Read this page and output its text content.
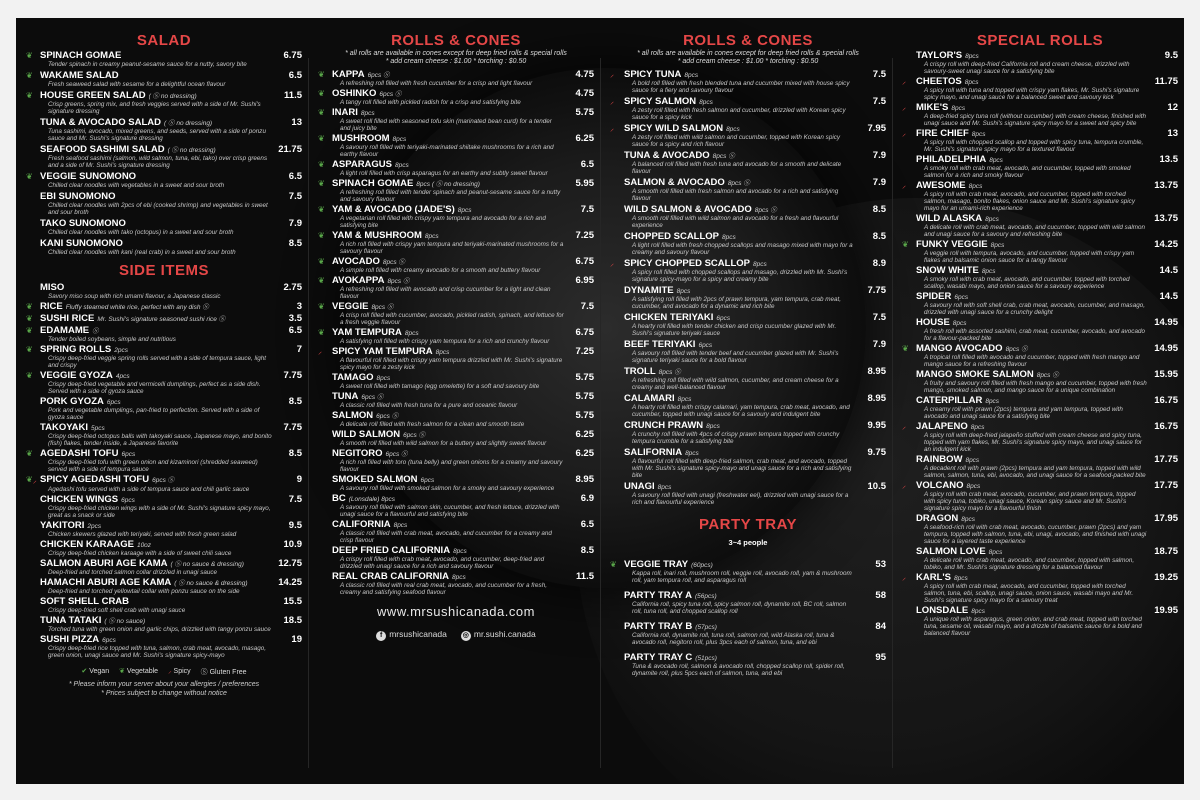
SALAD
❦ SPINACH GOMAE	6.75
Tender spinach in creamy peanut-sesame sauce for a nutty, savory bite
❦ WAKAME SALAD	6.5
Fresh seaweed salad with sesame for a delightful ocean flavour
❦ HOUSE GREEN SALAD ( Ⓢ no dressing)	11.5
Crisp greens, spring mix, and fresh veggies served with a side of Mr. Sushi's signature dressing
TUNA & AVOCADO SALAD ( Ⓢ no dressing)	13
Tuna sashimi, avocado, mixed greens, and seeds, served with a side of ponzu sauce and Mr. Sushi's signature dressing
SEAFOOD SASHIMI SALAD ( Ⓢ no dressing)	21.75
Fresh seafood sashimi (salmon, wild salmon, tuna, ebi, tako) over crisp greens and a side of Mr. Sushi's signature dressing
❦ VEGGIE SUNOMONO	6.5
Chilled clear noodles with vegetables in a sweet and sour broth
EBI SUNOMONO	7.5
Chilled clear noodles with 2pcs of ebi (cooked shrimp) and vegetables in sweet and sour broth
TAKO SUNOMONO	7.9
Chilled clear noodles with tako (octopus) in a sweet and sour broth
KANI SUNOMONO	8.5
Chilled clear noodles with kani (real crab) in a sweet and sour broth
SIDE ITEMS
MISO	2.75
Savory miso soup with rich umami flavour, a Japanese classic
❦ RICE Fluffy steamed white rice, perfect with any dish Ⓢ	3
❦ SUSHI RICE Mr. Sushi's signature seasoned sushi rice Ⓢ	3.5
❦ EDAMAME Ⓢ	6.5
Tender boiled soybeans, simple and nutritious
❦ SPRING ROLLS 2pcs	7
Crispy deep-fried veggie spring rolls served with a side of tempura sauce, light and crispy
❦ VEGGIE GYOZA 4pcs	7.75
Crispy deep-fried vegetable and vermicelli dumplings, perfect as a side dish. Served with a side of gyoza sauce
PORK GYOZA 6pcs	8.5
Pork and vegetable dumplings, pan-fried to perfection. Served with a side of gyoza sauce
TAKOYAKI 5pcs	7.75
Crispy deep-fried octopus balls with takoyaki sauce, Japanese mayo, and bonito (fish) flakes, tender inside, a Japanese favorite
❦ AGEDASHI TOFU 6pcs	8.5
Crispy deep-fried tofu with green onion and kizaminori (shredded seaweed) served with a side of tempura sauce
❦ ⸝ SPICY AGEDASHI TOFU 6pcs Ⓢ	9
Agedashi tofu served with a side of tempura sauce and chili garlic sauce
CHICKEN WINGS 6pcs	7.5
Crispy deep-fried chicken wings with a side of Mr. Sushi's signature spicy mayo, great as a snack or side
YAKITORI 2pcs	9.5
Chicken skewers glazed with teriyaki, served with fresh green salad
CHICKEN KARAAGE 10oz	10.9
Crispy deep-fried chicken karaage with a side of sweet chili sauce
SALMON ABURI AGE KAMA ( Ⓢ no sauce & dressing)	12.75
Deep-fried and torched salmon collar drizzled in unagi sauce
HAMACHI ABURI AGE KAMA ( Ⓢ no sauce & dressing)	14.25
Deep-fried and torched yellowtail collar with ponzu sauce on the side
SOFT SHELL CRAB	15.5
Crispy deep-fried soft shell crab with unagi sauce
TUNA TATAKI ( Ⓢ no sauce)	18.5
Torched tuna with green onion and garlic chips, drizzled with tangy ponzu sauce
SUSHI PIZZA 6pcs	19
Crispy deep-fried rice topped with tuna, salmon, crab meat, avocado, masago, green onion, unagi sauce and Mr. Sushi's signature spicy-mayo
✔ Vegan ❦ Vegetable ⸝ Spicy Ⓢ Gluten Free
* Please inform your server about your allergies / preferences
* Prices subject to change without notice
ROLLS & CONES
* all rolls are available in cones except for deep fried rolls & special rolls
* add cream cheese : $1.00 * torching : $0.50
❦ KAPPA 6pcs Ⓢ	4.75
A refreshing roll filled with fresh cucumber for a crisp and light flavour
❦ OSHINKO 6pcs Ⓢ	4.75
A tangy roll filled with pickled radish for a crisp and satisfying bite
❦ INARI 8pcs	5.75
A sweet roll filled with seasoned tofu skin (marinated bean curd) for a tender and juicy bite
❦ MUSHROOM 8pcs	6.25
A savoury roll filled with teriyaki-marinated shiitake mushrooms for a rich and earthy flavour
❦ ASPARAGUS 8pcs	6.5
A light roll filled with crisp asparagus for an earthy and subtly sweet flavour
❦ SPINACH GOMAE 8pcs ( Ⓢ no dressing)	5.95
A refreshing roll filled with tender spinach and peanut-sesame sauce for a nutty and savoury flavour
❦ YAM & AVOCADO (JADE'S) 8pcs	7.5
A vegetarian roll filled with crispy yam tempura and avocado for a rich and satisfying bite
❦ YAM & MUSHROOM 8pcs	7.25
A rich roll filled with crispy yam tempura and teriyaki-marinated mushrooms for a savoury flavour
❦ AVOCADO 8pcs Ⓢ	6.75
A simple roll filled with creamy avocado for a smooth and buttery flavour
❦ AVOKAPPA 8pcs Ⓢ	6.95
A refreshing roll filled with avocado and crisp cucumber for a light and clean flavour
❦ VEGGIE 8pcs Ⓢ	7.5
A crisp roll filled with cucumber, avocado, pickled radish, spinach, and lettuce for a fresh veggie flavour
❦ YAM TEMPURA 8pcs	6.75
A satisfying roll filled with crispy yam tempura for a rich and crunchy flavour
⸝	SPICY YAM TEMPURA 8pcs	7.25
A flavourful roll filled with crispy yam tempura drizzled with Mr. Sushi's signature spicy mayo for a zesty kick
TAMAGO 8pcs	5.75
A sweet roll filled with tamago (egg omelette) for a soft and savoury bite
TUNA 6pcs Ⓢ	5.75
A classic roll filled with fresh tuna for a pure and oceanic flavour
SALMON 6pcs Ⓢ	5.75
A delicate roll filled with fresh salmon for a clean and smooth taste
WILD SALMON 6pcs Ⓢ	6.25
A smooth roll filled with wild salmon for a buttery and slightly sweet flavour
NEGITORO 6pcs Ⓢ	6.25
A rich roll filled with toro (tuna belly) and green onions for a creamy and savoury flavour
SMOKED SALMON 6pcs	8.95
A savoury roll filled with smoked salmon for a smoky and savoury experience
BC (Lonsdale) 8pcs	6.9
A savoury roll filled with salmon skin, cucumber, and fresh lettuce, drizzled with unagi sauce for a flavourful and satisfying bite
CALIFORNIA 8pcs	6.5
A classic roll filled with crab meat, avocado, and cucumber for a creamy and crisp flavour
DEEP FRIED CALIFORNIA 8pcs	8.5
A crispy roll filled with crab meat, avocado, and cucumber, deep-fried and drizzled with unagi sauce for a rich and savoury flavour
REAL CRAB CALIFORNIA 8pcs	11.5
A classic roll filled with real crab meat, avocado, and cucumber for a fresh, creamy and satisfying seafood flavour
www.mrsushicanada.com
f mrsushicanada ◎ mr.sushi.canada
ROLLS & CONES
* all rolls are available in cones except for deep fried rolls & special rolls
* add cream cheese : $1.00 * torching : $0.50
⸝	SPICY TUNA 8pcs	7.5
A bold roll filled with fresh blended tuna and cucumber mixed with house spicy sauce for a fiery and savoury flavour
⸝	SPICY SALMON 8pcs	7.5
A zesty roll filled with fresh salmon and cucumber, drizzled with Korean spicy sauce for a spicy kick
⸝	SPICY WILD SALMON 8pcs	7.95
A zesty roll filled with wild salmon and cucumber, topped with Korean spicy sauce for a spicy and rich flavour
TUNA & AVOCADO 8pcs Ⓢ	7.9
A balanced roll filled with fresh tuna and avocado for a smooth and delicate flavour
SALMON & AVOCADO 8pcs Ⓢ	7.9
A smooth roll filled with fresh salmon and avocado for a rich and satisfying flavour
WILD SALMON & AVOCADO 8pcs Ⓢ	8.5
A smooth roll filled with wild salmon and avocado for a fresh and flavourful experience
CHOPPED SCALLOP 8pcs	8.5
A light roll filled with fresh chopped scallops and masago mixed with mayo for a creamy and savoury flavour
⸝	SPICY CHOPPED SCALLOP 8pcs	8.9
A spicy roll filled with chopped scallops and masago, drizzled with Mr. Sushi's signature spicy-mayo for a spicy and creamy bite
DYNAMITE 8pcs	7.75
A satisfying roll filled with 2pcs of prawn tempura, yam tempura, crab meat, cucumber, and avocado for a dynamic and rich bite
CHICKEN TERIYAKI 6pcs	7.5
A hearty roll filled with tender chicken and crisp cucumber glazed with Mr. Sushi's signature teriyaki sauce
BEEF TERIYAKI 6pcs	7.9
A savoury roll filled with tender beef and cucumber glazed with Mr. Sushi's signature teriyaki sauce for a bold flavour
TROLL 8pcs Ⓢ	8.95
A refreshing roll filled with wild salmon, cucumber, and cream cheese for a creamy and well-balanced flavour
CALAMARI 8pcs	8.95
A hearty roll filled with crispy calamari, yam tempura, crab meat, avocado, and cucumber, topped with unagi sauce for a savoury and indulgent bite
CRUNCH PRAWN 8pcs	9.95
A crunchy roll filled with 4pcs of crispy prawn tempura topped with crunchy tempura crumble for a satisfying bite
SALIFORNIA 8pcs	9.75
A flavourful roll filled with deep-fried salmon, crab meat, and avocado, topped with Mr. Sushi's signature spicy-mayo and unagi sauce for a rich and satisfying bite
UNAGI 8pcs	10.5
A savoury roll filled with unagi (freshwater eel), drizzled with unagi sauce for a rich and flavourful experience
PARTY TRAY
3~4 people
❦ VEGGIE TRAY (60pcs)	53
Kappa roll, inari roll, mushroom roll, veggie roll, avocado roll, yam & mushroom roll, yam tempura roll, and asparagus roll
PARTY TRAY A (56pcs)	58
California roll, spicy tuna roll, spicy salmon roll, dynamite roll, BC roll, salmon roll, tuna roll, and chopped scallop roll
PARTY TRAY B (57pcs)	84
California roll, dynamite roll, tuna roll, salmon roll, wild Alaska roll, tuna & avocado roll, negitoro roll, plus 3pcs each of salmon, tuna, and ebi
PARTY TRAY C (51pcs)	95
Tuna & avocado roll, salmon & avocado roll, chopped scallop roll, spider roll, dynamite roll, plus 5pcs each of salmon, tuna, and ebi
SPECIAL ROLLS
TAYLOR'S 8pcs	9.5
A crispy roll with deep-fried California roll and cream cheese, drizzled with savoury-sweet unagi sauce for a satisfying bite
⸝	CHEETOS 8pcs	11.75
A spicy roll with tuna and topped with crispy yam flakes, Mr. Sushi's signature spicy mayo, and unagi sauce for a balanced sweet and savoury kick
⸝	MIKE'S 8pcs	12
A deep-fried spicy tuna roll (without cucumber) with cream cheese, finished with unagi sauce and Mr. Sushi's signature spicy mayo for a sweet and spicy bite
⸝	FIRE CHIEF 8pcs	13
A spicy roll with chopped scallop and topped with spicy tuna, tempura crumble, Mr. Sushi's signature spicy mayo for a textured flavour
PHILADELPHIA 8pcs	13.5
A smoky roll with crab meat, avocado, and cucumber, topped with smoked salmon for a rich and smoky flavour
⸝	AWESOME 8pcs	13.75
A spicy roll with crab meat, avocado, and cucumber, topped with torched salmon, masago, bonito flakes, onion sauce and Mr. Sushi's signature spicy mayo for an umami-rich experience
WILD ALASKA 8pcs	13.75
A delicate roll with crab meat, avocado, and cucumber, topped with wild salmon and unagi sauce for a savoury and refreshing bite
❦ FUNKY VEGGIE 8pcs	14.25
A veggie roll with tempura, avocado, and cucumber, topped with crispy yam flakes and balsamic onion sauce for a tangy flavour
SNOW WHITE 8pcs	14.5
A smoky roll with crab meat, avocado, and cucumber, topped with torched scallop, wasabi mayo, and onion sauce for a savoury experience
SPIDER 6pcs	14.5
A savoury roll with soft shell crab, crab meat, avocado, cucumber, and masago, drizzled with unagi sauce for a crunchy delight
HOUSE 8pcs	14.95
A fresh roll with assorted sashimi, crab meat, cucumber, avocado, and avocado for a flavour-packed bite
❦ MANGO AVOCADO 8pcs Ⓢ	14.95
A tropical roll filled with avocado and cucumber, topped with fresh mango and mango sauce for a refreshing flavour
MANGO SMOKE SALMON 8pcs Ⓢ	15.95
A fruity and savoury roll filled with fresh mango and cucumber, topped with fresh mango, smoked salmon, and mango sauce for a unique combination
CATERPILLAR 8pcs	16.75
A creamy roll with prawn (2pcs) tempura and yam tempura, topped with avocado and unagi sauce for a satisfying bite
⸝	JALAPENO 8pcs	16.75
A spicy roll with deep-fried jalapeño stuffed with cream cheese and spicy tuna, topped with yam flakes, Mr. Sushi's signature spicy mayo, and unagi sauce for an indulgent kick
RAINBOW 8pcs	17.75
A decadent roll with prawn (2pcs) tempura and yam tempura, topped with wild salmon, salmon, tuna, ebi, avocado, and unagi sauce for a seafood-packed bite
⸝	VOLCANO 8pcs	17.75
A spicy roll with crab meat, avocado, cucumber, and prawn tempura, topped with spicy tuna, tobiko, unagi sauce, Korean spicy sauce and Mr. Sushi's signature spicy mayo for a flavourful finish
DRAGON 8pcs	17.95
A seafood-rich roll with crab meat, avocado, cucumber, prawn (2pcs) and yam tempura, topped with salmon, tuna, ebi, unagi, avocado, and finished with unagi sauce for a layered taste experience
SALMON LOVE 8pcs	18.75
A delicate roll with crab meat, avocado, and cucumber, topped with salmon, tobiko, and Mr. Sushi's signature dressing for a balanced flavour
⸝	KARL'S 8pcs	19.25
A spicy roll with crab meat, avocado, and cucumber, topped with torched salmon, tuna, ebi, scallop, unagi sauce, onion sauce, wasabi mayo and Mr. Sushi's signature spicy mayo for a savoury treat
LONSDALE 8pcs	19.95
A unique roll with asparagus, green onion, and crab meat, topped with torched tuna, sesame oil, wasabi mayo, and a drizzle of balsamic sauce for a bold and balanced flavour
